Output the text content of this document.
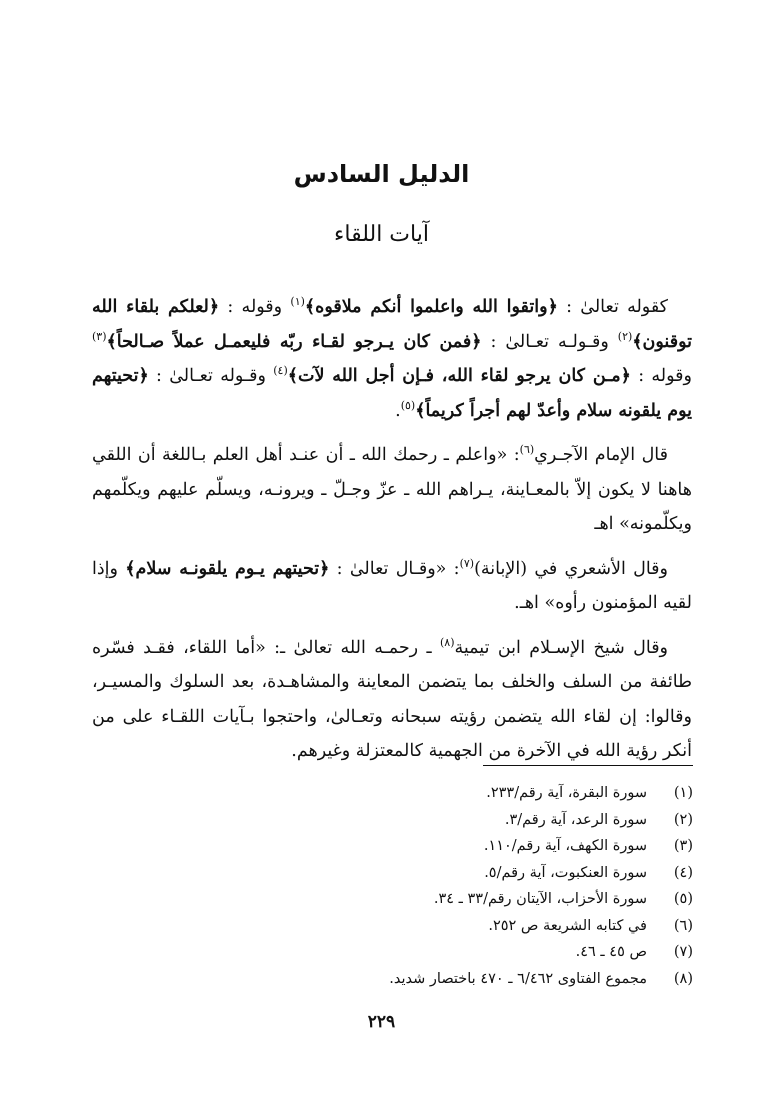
الدليل السادس
آيات اللقاء

كقوله تعالىٰ : ﴿واتقوا الله واعلموا أنكم ملاقوه﴾$^{(١)}$ وقوله : ﴿لعلكم بلقاء الله توقنون﴾$^{(٢)}$ وقـولـه تعـالىٰ : ﴿فمن كان يـرجو لقـاء ربّه فليعمـل عملاً صـالحاً﴾$^{(٣)}$ وقوله : ﴿مـن كان يرجو لقاء الله، فـإن أجل الله لآت﴾$^{(٤)}$ وقـوله تعـالىٰ : ﴿تحيتهم يوم يلقونه سلام وأعدّ لهم أجراً كريماً﴾$^{(٥)}$.

قال الإمام الآجـري$^{(٦)}$: «واعلم ـ رحمك الله ـ أن عنـد أهل العلم بـاللغة أن اللقي هاهنا لا يكون إلاّ بالمعـاينة، يـراهم الله ـ عزّ وجـلّ ـ ويرونـه، ويسلّم عليهم ويكلّمهم ويكلّمونه» اهـ

وقال الأشعري في (الإبانة)$^{(٧)}$: «وقـال تعالىٰ : ﴿تحيتهم يـوم يلقونـه سلام﴾ وإذا لقيه المؤمنون رأوه» اهـ.

وقال شيخ الإسـلام ابن تيمية$^{(٨)}$ ـ رحمـه الله تعالىٰ ـ: «أما اللقاء، فقـد فسّره طائفة من السلف والخلف بما يتضمن المعاينة والمشاهـدة، بعد السلوك والمسيـر، وقالوا: إن لقاء الله يتضمن رؤيته سبحانه وتعـالىٰ، واحتجوا بـآيات اللقـاء على من أنكر رؤية الله في الآخرة من الجهمية كالمعتزلة وغيرهم.

(١)
سورة البقرة، آية رقم/٢٣٣.
(٢)
سورة الرعد، آية رقم/٣.
(٣)
سورة الكهف، آية رقم/١١٠.
(٤)
سورة العنكبوت، آية رقم/٥.
(٥)
سورة الأحزاب، الآيتان رقم/٣٣ ـ ٣٤.
(٦)
في كتابه الشريعة ص ٢٥٢.
(٧)
ص ٤٥ ـ ٤٦.
(٨)
مجموع الفتاوى ٦/٤٦٢ ـ ٤٧٠ باختصار شديد.
٢٢٩
